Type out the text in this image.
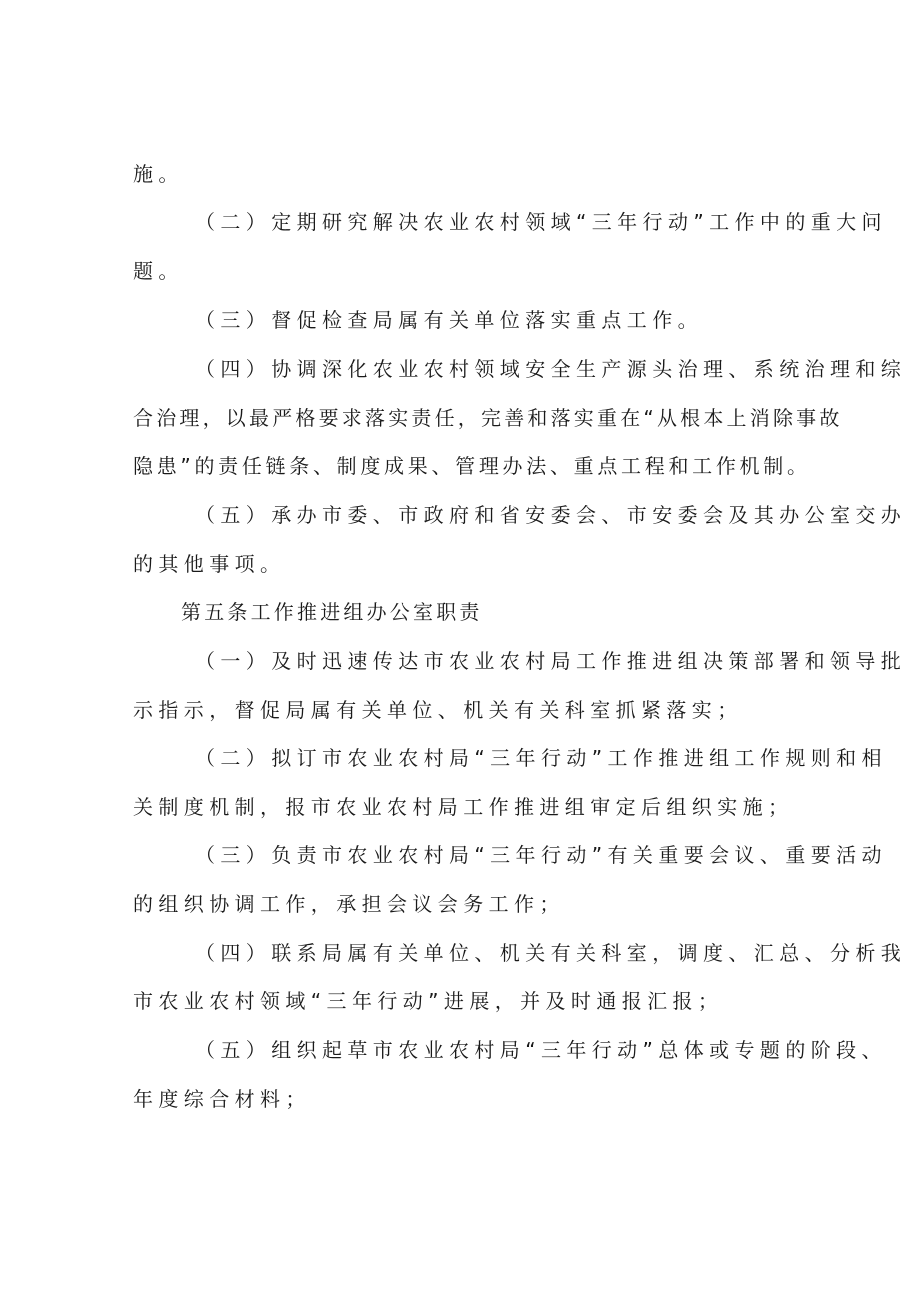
施。

（二）定期研究解决农业农村领域“三年行动”工作中的重大问

题。

（三）督促检查局属有关单位落实重点工作。

（四）协调深化农业农村领域安全生产源头治理、系统治理和综

合治理，以最严格要求落实责任，完善和落实重在“从根本上消除事故

隐患”的责任链条、制度成果、管理办法、重点工程和工作机制。

（五）承办市委、市政府和省安委会、市安委会及其办公室交办

的其他事项。

第五条工作推进组办公室职责

（一）及时迅速传达市农业农村局工作推进组决策部署和领导批

示指示，督促局属有关单位、机关有关科室抓紧落实；

（二）拟订市农业农村局“三年行动”工作推进组工作规则和相

关制度机制，报市农业农村局工作推进组审定后组织实施；

（三）负责市农业农村局“三年行动”有关重要会议、重要活动

的组织协调工作，承担会议会务工作；

（四）联系局属有关单位、机关有关科室，调度、汇总、分析我

市农业农村领域“三年行动”进展，并及时通报汇报；

（五）组织起草市农业农村局“三年行动”总体或专题的阶段、

年度综合材料；
